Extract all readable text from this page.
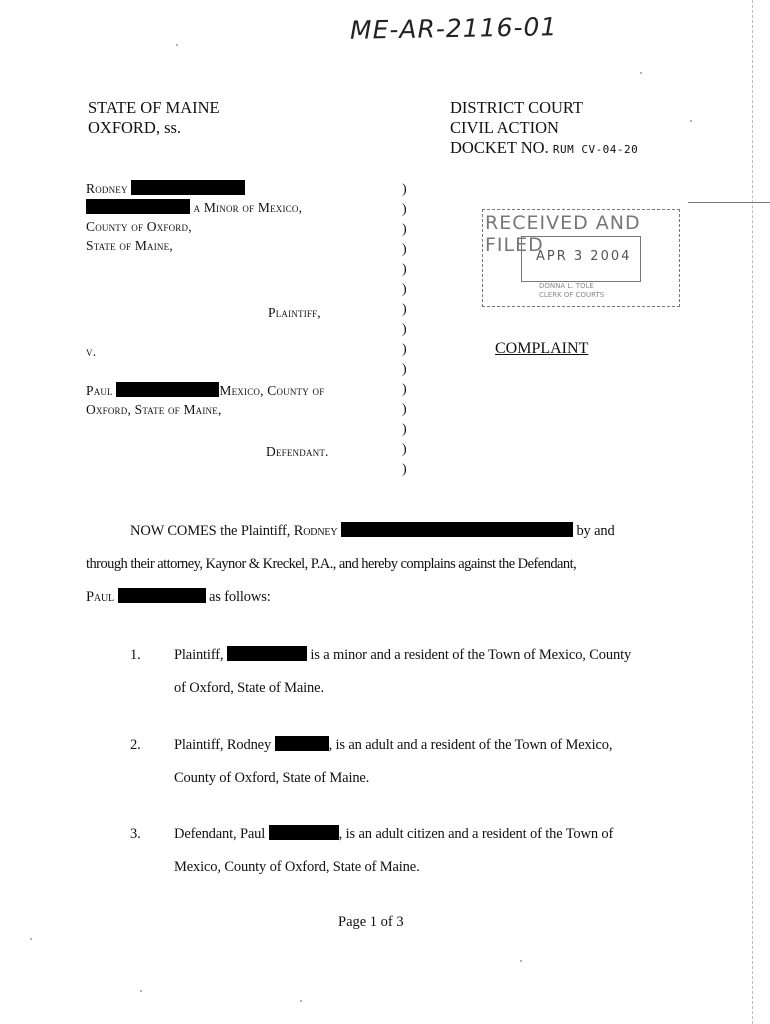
ME-AR-2116-01
STATE OF MAINE
OXFORD, ss.
DISTRICT COURT
CIVIL ACTION
DOCKET NO. RUM CV-04-20
Rodney
a Minor of Mexico,
County of Oxford,
State of Maine,
Plaintiff,
v.
Paul	Mexico, County of
Oxford, State of Maine,
Defendant.
)
)
)
)
)
)
)
)
)
)
)
)
)
)
)
RECEIVED AND FILED
APR 3 2004
DONNA L. TOLE
CLERK OF COURTS
COMPLAINT
NOW COMES the Plaintiff, Rodney	by and
through their attorney, Kaynor & Kreckel, P.A., and hereby complains against the Defendant,
Paul	as follows:
1. Plaintiff,	is a minor and a resident of the Town of Mexico, County
of Oxford, State of Maine.
2. Plaintiff, Rodney	, is an adult and a resident of the Town of Mexico,
County of Oxford, State of Maine.
3. Defendant, Paul	, is an adult citizen and a resident of the Town of
Mexico, County of Oxford, State of Maine.
Page 1 of 3
